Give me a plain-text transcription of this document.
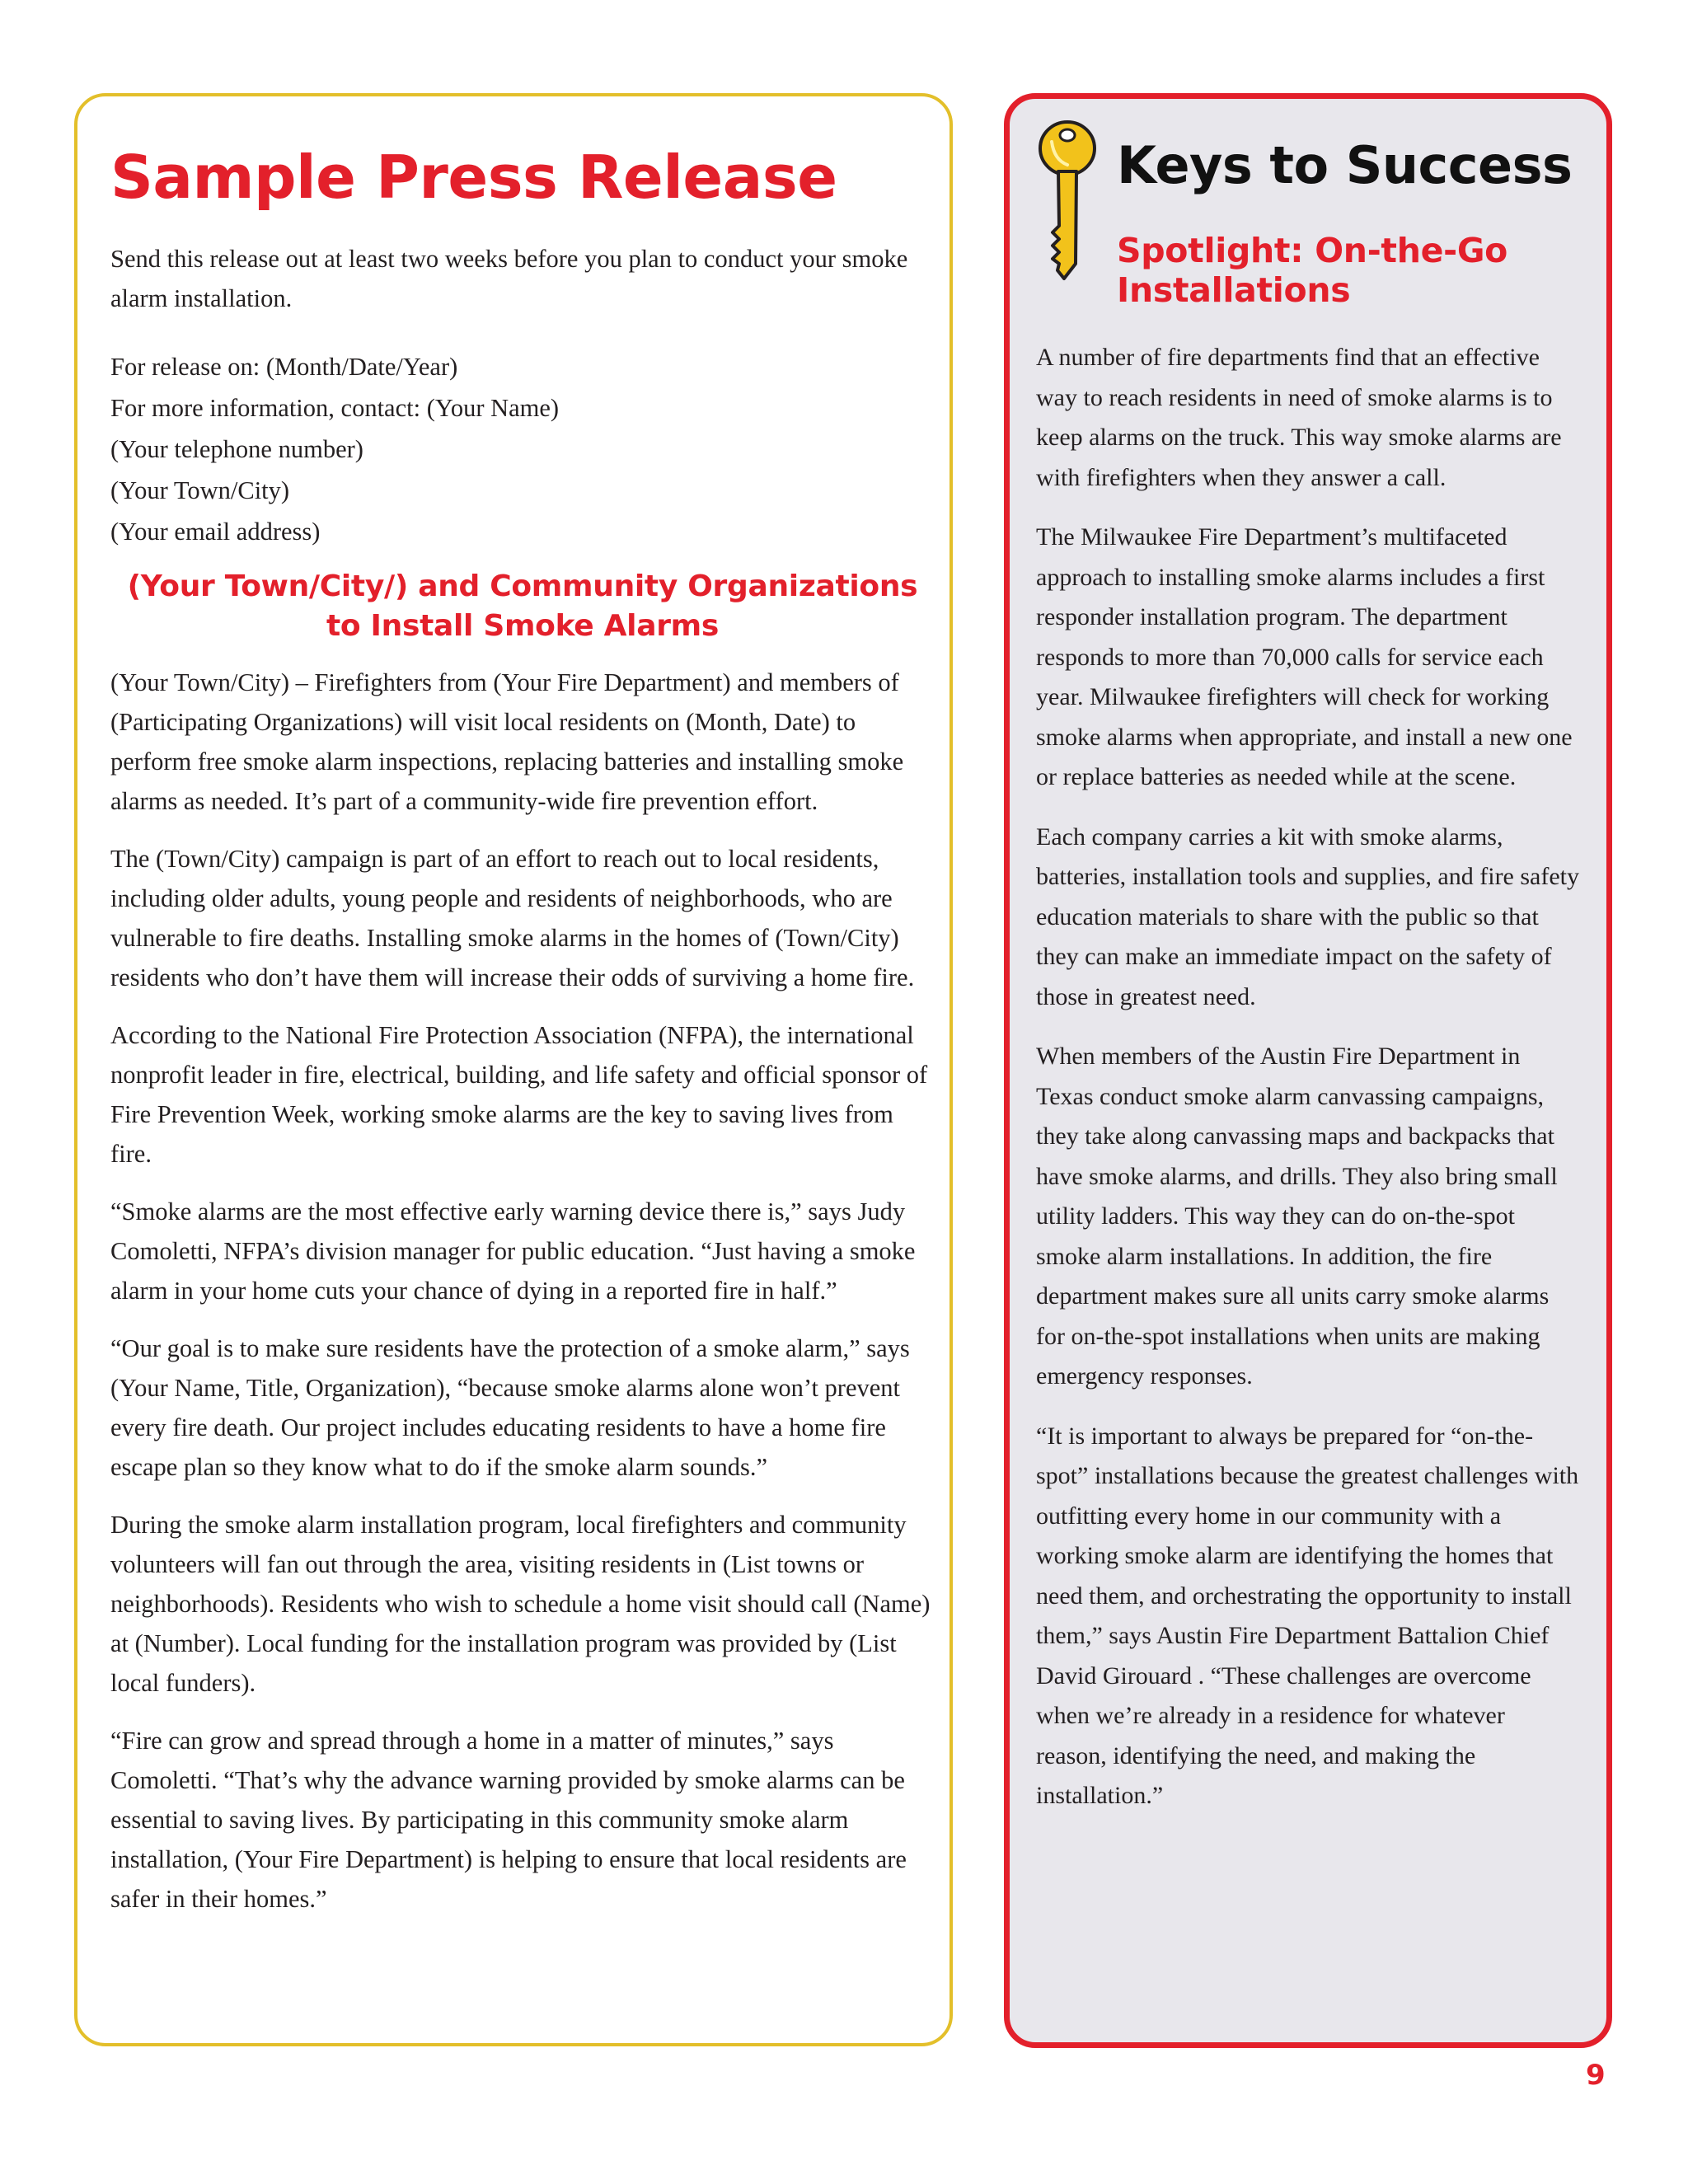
Sample Press Release

Send this release out at least two weeks before you plan to conduct your smoke alarm installation.

For release on: (Month/Date/Year)
For more information, contact: (Your Name)
(Your telephone number)
(Your Town/City)
(Your email address)
(Your Town/City/) and Community Organizations
to Install Smoke Alarms

(Your Town/City) – Firefighters from (Your Fire Department) and members of (Participating Organizations) will visit local residents on (Month, Date) to perform free smoke alarm inspections, replacing batteries and installing smoke alarms as needed. It’s part of a community-wide fire prevention effort.

The (Town/City) campaign is part of an effort to reach out to local residents, including older adults, young people and residents of neighborhoods, who are vulnerable to fire deaths. Installing smoke alarms in the homes of (Town/City) residents who don’t have them will increase their odds of surviving a home fire.

According to the National Fire Protection Association (NFPA), the international nonprofit leader in fire, electrical, building, and life safety and official sponsor of Fire Prevention Week, working smoke alarms are the key to saving lives from fire.

“Smoke alarms are the most effective early warning device there is,” says Judy Comoletti, NFPA’s division manager for public education. “Just having a smoke alarm in your home cuts your chance of dying in a reported fire in half.”

“Our goal is to make sure residents have the protection of a smoke alarm,” says (Your Name, Title, Organization), “because smoke alarms alone won’t prevent every fire death. Our project includes educating residents to have a home fire escape plan so they know what to do if the smoke alarm sounds.”

During the smoke alarm installation program, local firefighters and community volunteers will fan out through the area, visiting residents in (List towns or neighborhoods). Residents who wish to schedule a home visit should call (Name) at (Number). Local funding for the installation program was provided by (List local funders).

“Fire can grow and spread through a home in a matter of minutes,” says Comoletti. “That’s why the advance warning provided by smoke alarms can be essential to saving lives. By participating in this community smoke alarm installation, (Your Fire Department) is helping to ensure that local residents are safer in their homes.”

Keys to Success
Spotlight: On-the-Go
Installations

A number of fire departments find that an effective way to reach residents in need of smoke alarms is to keep alarms on the truck. This way smoke alarms are with firefighters when they answer a call.

The Milwaukee Fire Department’s multifaceted approach to installing smoke alarms includes a first responder installation program. The department responds to more than 70,000 calls for service each year. Milwaukee firefighters will check for working smoke alarms when appropriate, and install a new one or replace batteries as needed while at the scene.

Each company carries a kit with smoke alarms, batteries, installation tools and supplies, and fire safety education materials to share with the public so that they can make an immediate impact on the safety of those in greatest need.

When members of the Austin Fire Department in Texas conduct smoke alarm canvassing campaigns, they take along canvassing maps and backpacks that have smoke alarms, and drills. They also bring small utility ladders. This way they can do on-the-spot smoke alarm installations. In addition, the fire department makes sure all units carry smoke alarms for on-the-spot installations when units are making emergency responses.

“It is important to always be prepared for “on-the-spot” installations because the greatest challenges with outfitting every home in our community with a working smoke alarm are identifying the homes that need them, and orchestrating the opportunity to install them,” says Austin Fire Department Battalion Chief David Girouard . “These challenges are overcome when we’re already in a residence for whatever reason, identifying the need, and making the installation.”

9
